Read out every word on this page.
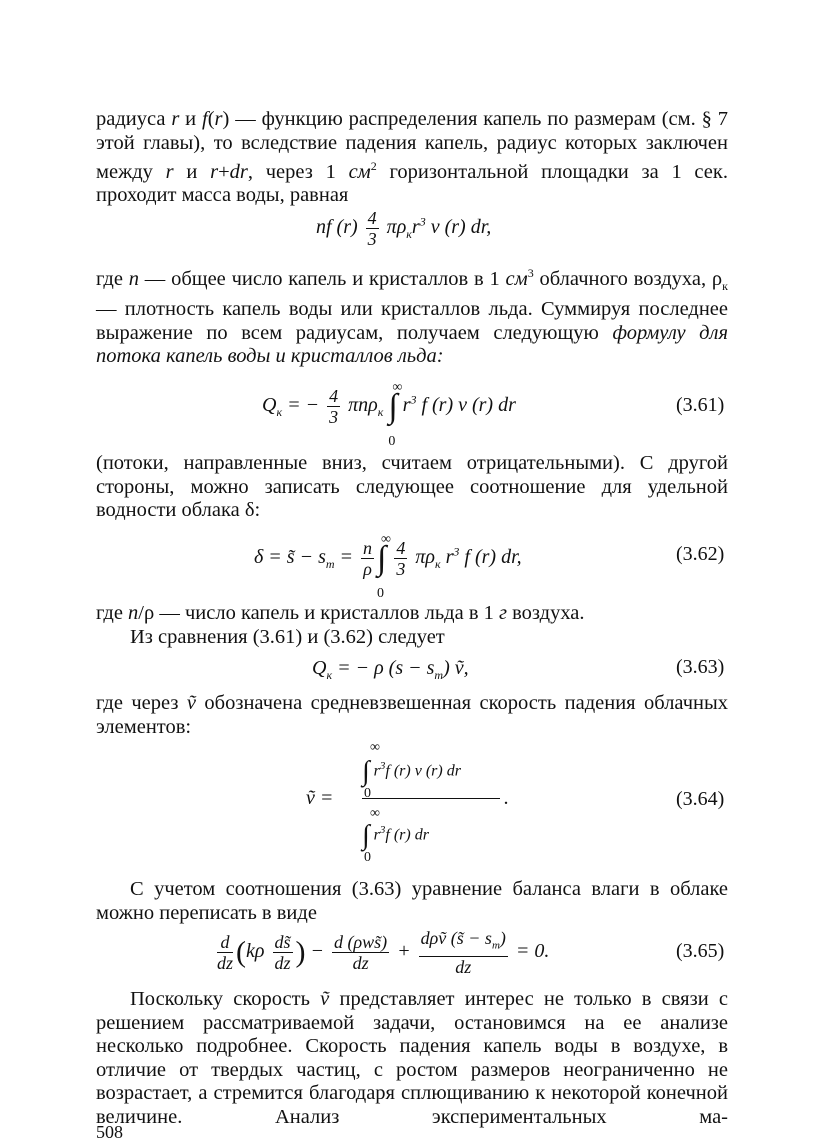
радиуса r и f(r) — функцию распределения капель по размерам (см. § 7 этой главы), то вследствие падения капель, радиус которых заключен между r и r+dr, через 1 $см^2$ горизонтальной площадки за 1 сек. проходит масса воды, равная
nf $(r) \frac{4}{3} \pi\rho_кr^3$ v (r) dr,
где n — общее число капель и кристаллов в 1 $см^3$ облачного воздуха, $\rho_к$ — плотность капель воды или кристаллов льда. Суммируя последнее выражение по всем радиусам, получаем следующую формулу для потока капель воды и кристаллов льда:
$Q_к$ = − $\frac{4}{3} \pi n\rho_к$ ∫
∞
0
$r^3$ f (r) v (r) dr	(3.61)
(потоки, направленные вниз, считаем отрицательными). С другой стороны, можно записать следующее соотношение для удельной водности облака δ:
δ = s̃ − $s_m = \frac{n}{\rho}$ ∫
∞
0

$\frac{4}{3} \pi\rho_к$ $r^3$ f (r) dr,	(3.62)
где n/ρ — число капель и кристаллов льда в 1 г воздуха.
Из сравнения (3.61) и (3.62) следует
$Q_к$ = − ρ $(s - s_m)$ ṽ,	(3.63)
где через ṽ обозначена средневзвешенная скорость падения облачных элементов:
ṽ =
∫ $r^3f$ (r) v (r) dr
∞
0	.
∞
∫ $r^3f$ (r) dr
0
(3.64)
С учетом соотношения (3.63) уравнение баланса влаги в облаке можно переписать в виде
$\frac{d}{dz} (k\rho \frac{ds̃}{dz}$ ) − $\frac{\text{d (ρws̃)}}{dz} + \frac{d\rho ṽ (s̃ - s_m)}{dz} = 0$.	(3.65)
Поскольку скорость ṽ представляет интерес не только в связи с решением рассматриваемой задачи, остановимся на ее анализе несколько подробнее. Скорость падения капель воды в воздухе, в отличие от твердых частиц, с ростом размеров неограниченно не возрастает, а стремится благодаря сплющиванию к некоторой конечной величине. Анализ экспериментальных ма-
508
